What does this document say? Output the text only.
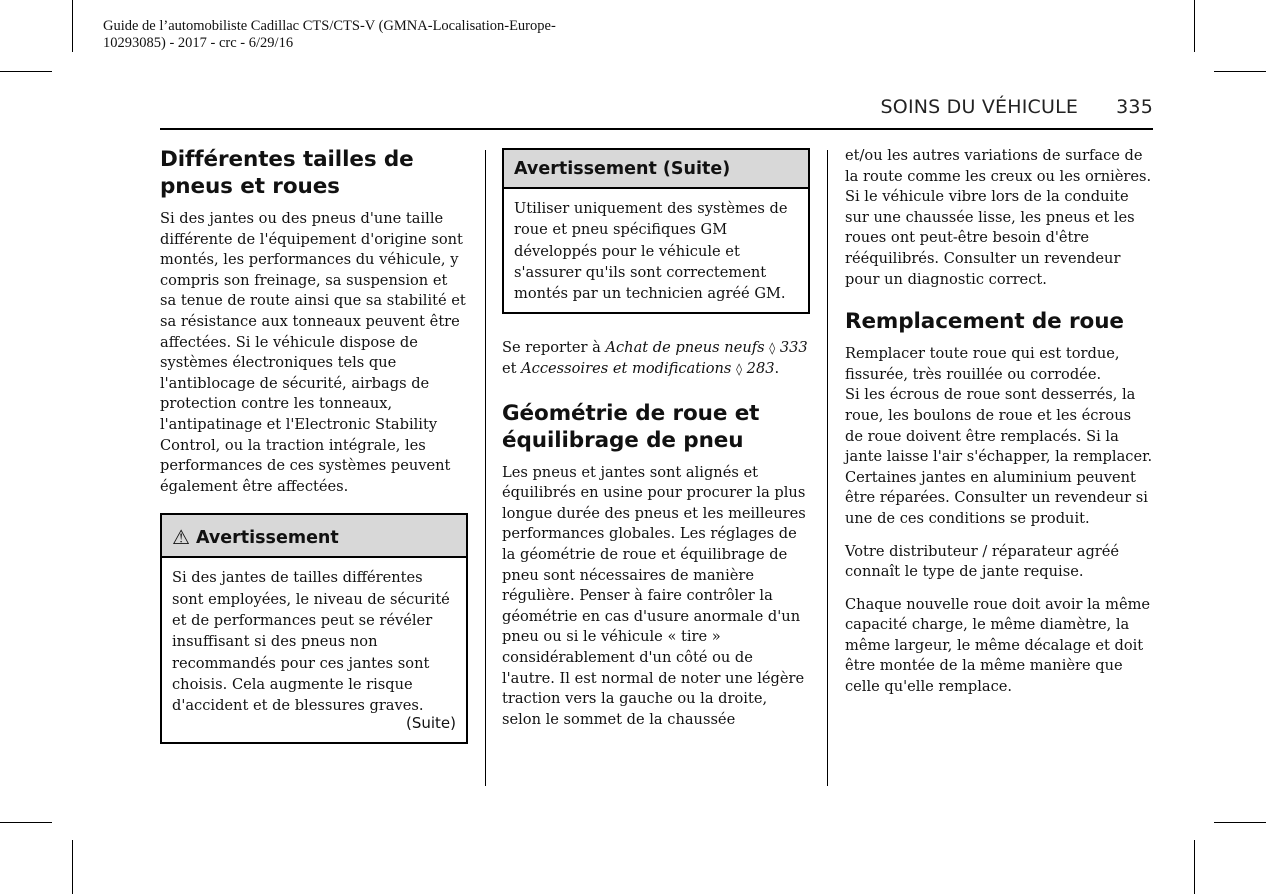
Guide de l’automobiliste Cadillac CTS/CTS-V (GMNA-Localisation-Europe-
10293085) - 2017 - crc - 6/29/16
SOINS DU VÉHICULE 335
Différentes tailles de pneus et roues

Si des jantes ou des pneus d'une taille différente de l'équipement d'origine sont montés, les performances du véhicule, y compris son freinage, sa suspension et sa tenue de route ainsi que sa stabilité et sa résistance aux tonneaux peuvent être affectées. Si le véhicule dispose de systèmes électroniques tels que l'antiblocage de sécurité, airbags de protection contre les tonneaux, l'antipatinage et l'Electronic Stability Control, ou la traction intégrale, les performances de ces systèmes peuvent également être affectées.

⚠ Avertissement

Si des jantes de tailles différentes sont employées, le niveau de sécurité et de performances peut se révéler insuffisant si des pneus non recommandés pour ces jantes sont choisis. Cela augmente le risque d'accident et de blessures graves.

(Suite)
Avertissement (Suite)

Utiliser uniquement des systèmes de roue et pneu spécifiques GM développés pour le véhicule et s'assurer qu'ils sont correctement montés par un technicien agréé GM.

Se reporter à Achat de pneus neufs ◊ 333 et Accessoires et modifications ◊ 283.

Géométrie de roue et équilibrage de pneu

Les pneus et jantes sont alignés et équilibrés en usine pour procurer la plus longue durée des pneus et les meilleures performances globales. Les réglages de la géométrie de roue et équilibrage de pneu sont nécessaires de manière régulière. Penser à faire contrôler la géométrie en cas d'usure anormale d'un pneu ou si le véhicule « tire » considérablement d'un côté ou de l'autre. Il est normal de noter une légère traction vers la gauche ou la droite, selon le sommet de la chaussée

et/ou les autres variations de surface de la route comme les creux ou les ornières. Si le véhicule vibre lors de la conduite sur une chaussée lisse, les pneus et les roues ont peut-être besoin d'être rééquilibrés. Consulter un revendeur pour un diagnostic correct.

Remplacement de roue

Remplacer toute roue qui est tordue, fissurée, très rouillée ou corrodée.

Si les écrous de roue sont desserrés, la roue, les boulons de roue et les écrous de roue doivent être remplacés. Si la jante laisse l'air s'échapper, la remplacer. Certaines jantes en aluminium peuvent être réparées. Consulter un revendeur si une de ces conditions se produit.

Votre distributeur / réparateur agréé connaît le type de jante requise.

Chaque nouvelle roue doit avoir la même capacité charge, le même diamètre, la même largeur, le même décalage et doit être montée de la même manière que celle qu'elle remplace.
